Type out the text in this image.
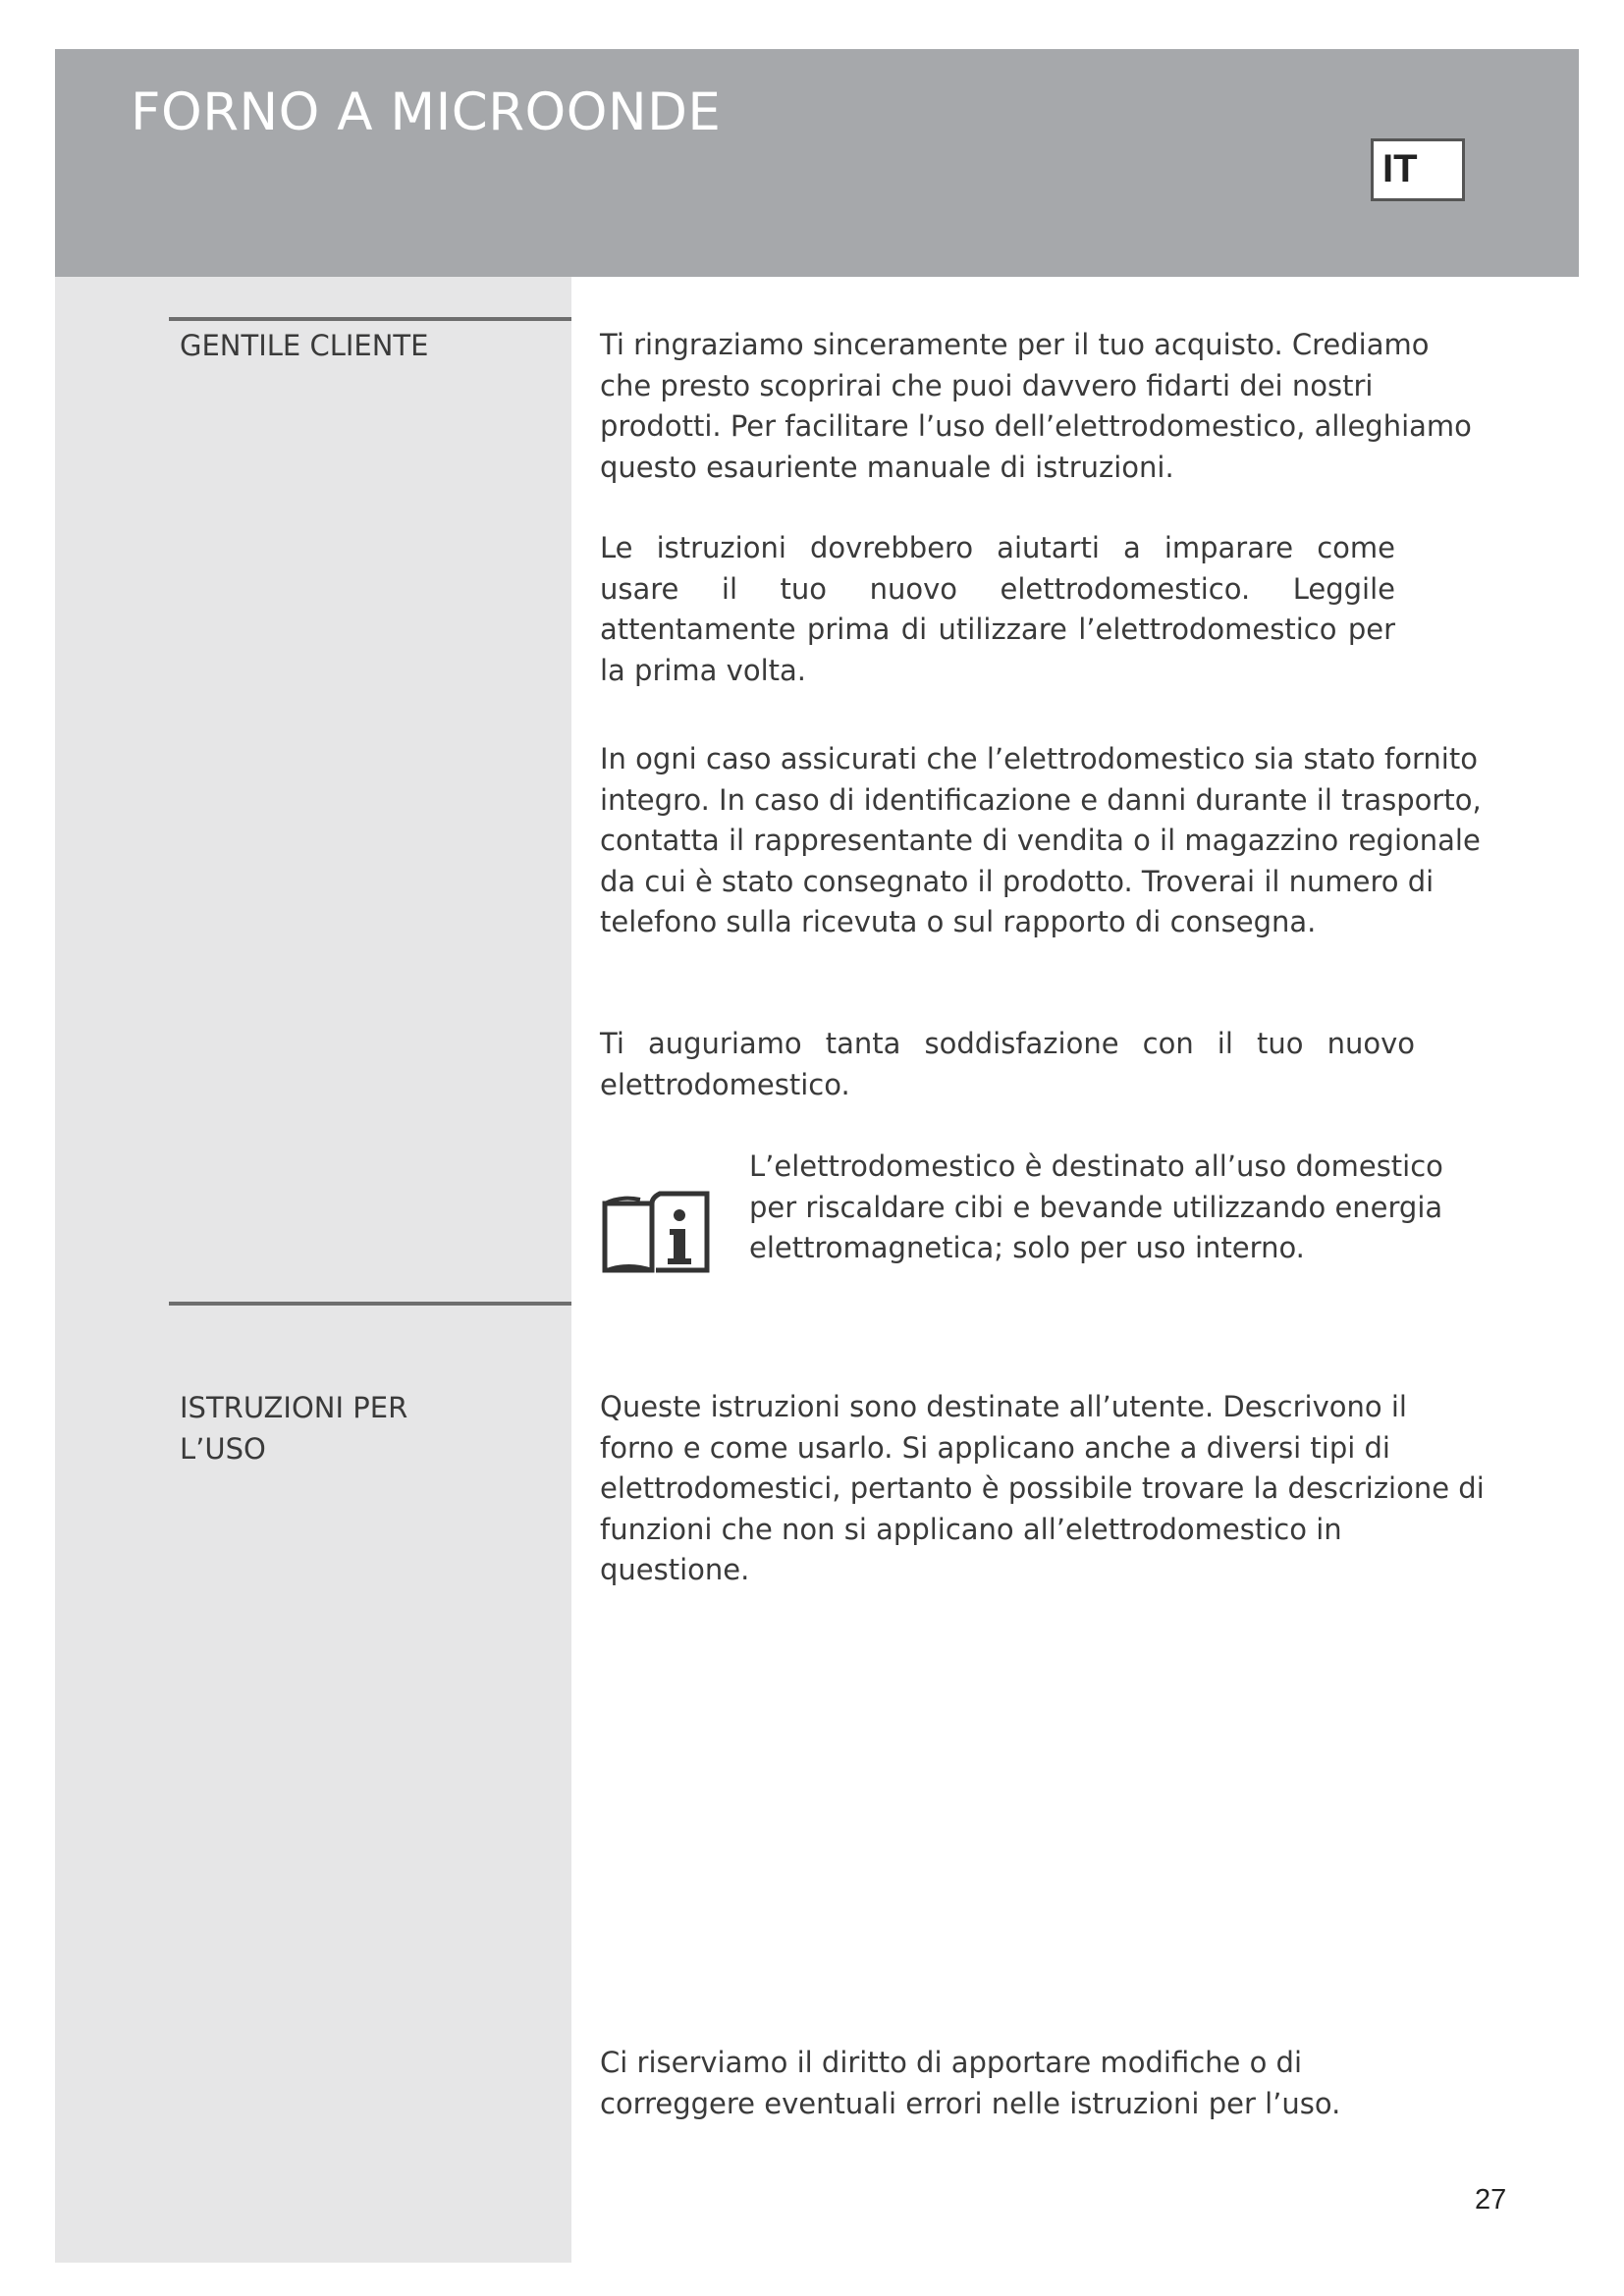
FORNO A MICROONDE
IT
GENTILE CLIENTE	Ti ringraziamo sinceramente per il tuo acquisto. Crediamo che presto scoprirai che puoi davvero fidarti dei nostri prodotti. Per facilitare l’uso dell’elettrodomestico, alleghiamo questo esauriente manuale di istruzioni.

Le istruzioni dovrebbero aiutarti a imparare come usare il tuo nuovo elettrodomestico. Leggile attentamente prima di utilizzare l’elettrodomestico per la prima volta.

In ogni caso assicurati che l’elettrodomestico sia stato fornito integro. In caso di identificazione e danni durante il trasporto, contatta il rappresentante di vendita o il magazzino regionale da cui è stato consegnato il prodotto. Troverai il numero di telefono sulla ricevuta o sul rapporto di consegna.

Ti auguriamo tanta soddisfazione con il tuo nuovo elettrodomestico.

L’elettrodomestico è destinato all’uso domestico per riscaldare cibi e bevande utilizzando energia elettromagnetica; solo per uso interno.

ISTRUZIONI PER L’USO

Queste istruzioni sono destinate all’utente. Descrivono il forno e come usarlo. Si applicano anche a diversi tipi di elettrodomestici, pertanto è possibile trovare la descrizione di funzioni che non si applicano all’elettrodomestico in questione.

Ci riserviamo il diritto di apportare modifiche o di correggere eventuali errori nelle istruzioni per l’uso.

27
